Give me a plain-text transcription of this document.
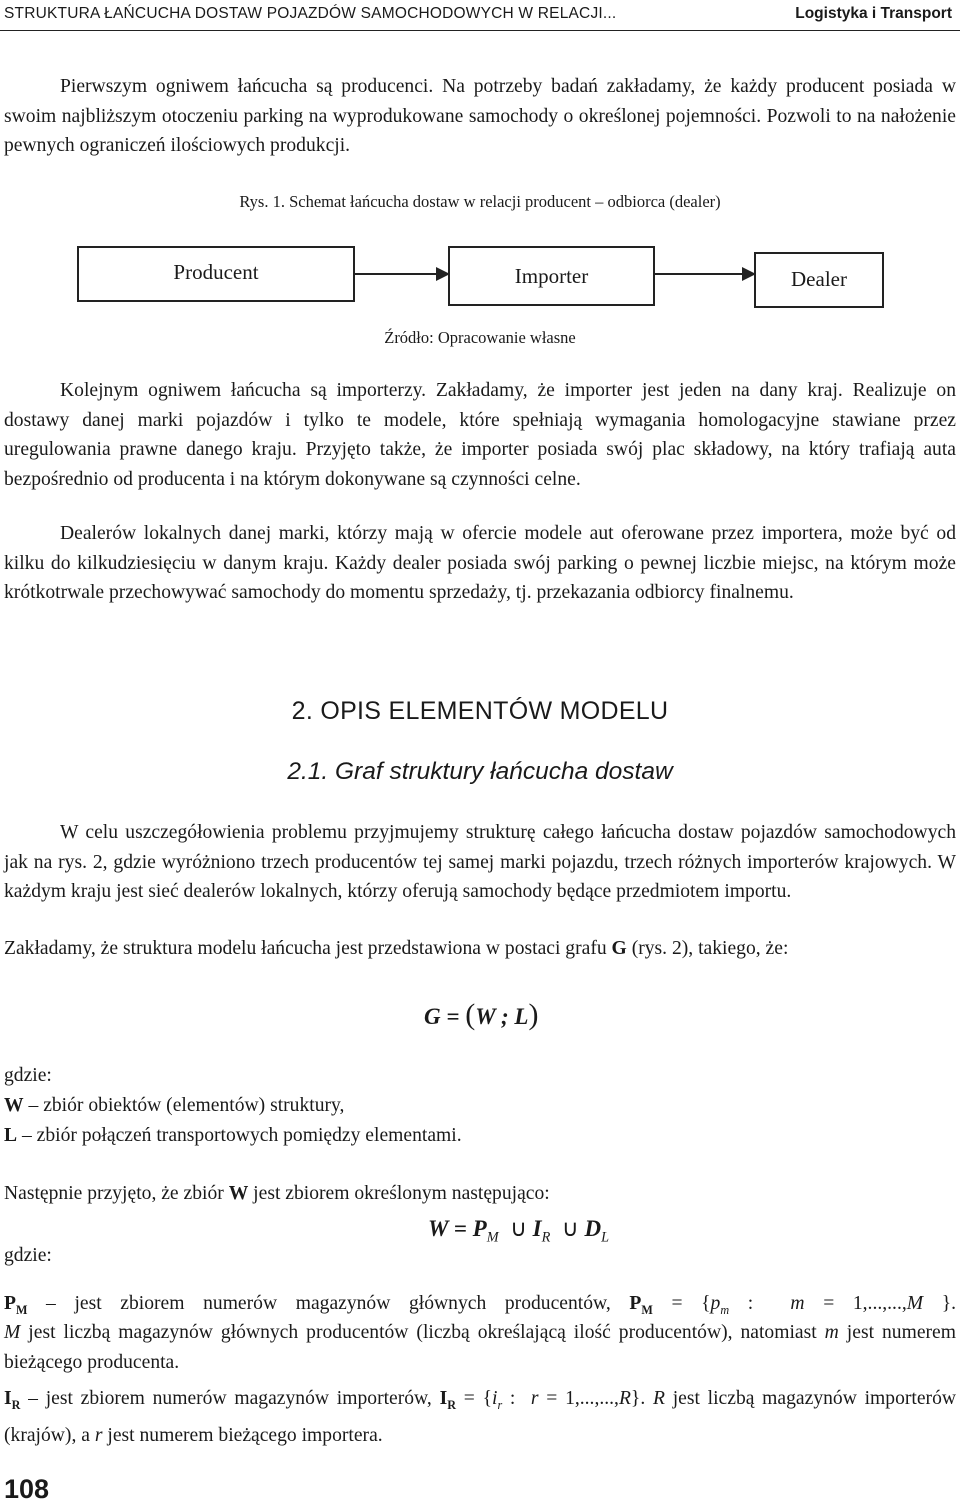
STRUKTURA ŁAŃCUCHA DOSTAW POJAZDÓW SAMOCHODOWYCH W RELACJI...	Logistyka i Transport

Pierwszym ogniwem łańcucha są producenci. Na potrzeby badań zakładamy, że każdy producent posiada w swoim najbliższym otoczeniu parking na wyprodukowane samochody o określonej pojemności. Pozwoli to na nałożenie pewnych ograniczeń ilościowych produkcji.

Rys. 1. Schemat łańcucha dostaw w relacji producent – odbiorca (dealer)
Producent	Importer	Dealer
Źródło: Opracowanie własne

Kolejnym ogniwem łańcucha są importerzy. Zakładamy, że importer jest jeden na dany kraj. Realizuje on dostawy danej marki pojazdów i tylko te modele, które spełniają wymagania homologacyjne stawiane przez uregulowania prawne danego kraju. Przyjęto także, że importer posiada swój plac składowy, na który trafiają auta bezpośrednio od producenta i na którym dokonywane są czynności celne.

Dealerów lokalnych danej marki, którzy mają w ofercie modele aut oferowane przez importera, może być od kilku do kilkudziesięciu w danym kraju. Każdy dealer posiada swój parking o pewnej liczbie miejsc, na którym może krótkotrwale przechowywać samochody do momentu sprzedaży, tj. przekazania odbiorcy finalnemu.

2. OPIS ELEMENTÓW MODELU
2.1. Graf struktury łańcucha dostaw

W celu uszczegółowienia problemu przyjmujemy strukturę całego łańcucha dostaw pojazdów samochodowych jak na rys. 2, gdzie wyróżniono trzech producentów tej samej marki pojazdu, trzech różnych importerów krajowych. W każdym kraju jest sieć dealerów lokalnych, którzy oferują samochody będące przedmiotem importu.

Zakładamy, że struktura modelu łańcucha jest przedstawiona w postaci grafu G (rys. 2), takiego, że:

G = (W ; L)
gdzie:
W – zbiór obiektów (elementów) struktury,
L – zbiór połączeń transportowych pomiędzy elementami.
Następnie przyjęto, że zbiór W jest zbiorem określonym następująco:
$W = P_M$ ∪ $I_R$ ∪ $D_L$
gdzie:

$P_M$ – jest zbiorem numerów magazynów głównych producentów, $P_M = \{p_m$ :  m = 1,...,...,M }.

M jest liczbą magazynów głównych producentów (liczbą określającą ilość producentów), natomiast m jest numerem bieżącego producenta.

$I_R$ – jest zbiorem numerów magazynów importerów, $I_R = \{i_r$ :  r = 1,...,...,R}. R jest liczbą magazynów importerów (krajów), a r jest numerem bieżącego importera.

108
